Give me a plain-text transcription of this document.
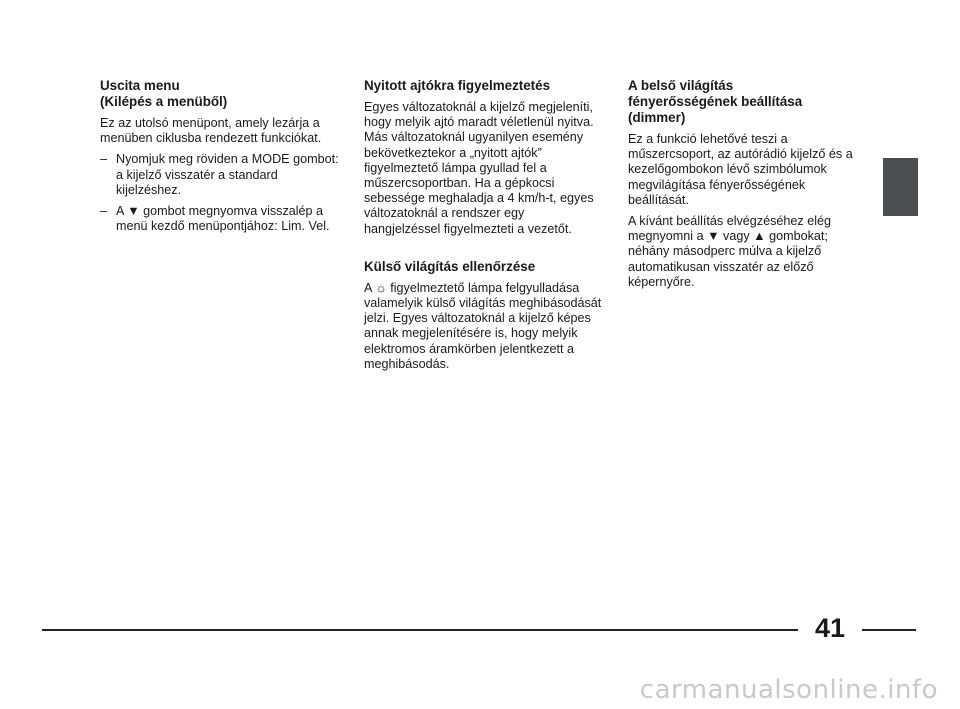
Uscita menu
(Kilépés a menüből)

Ez az utolsó menüpont, amely lezárja a menüben ciklusba rendezett funkciókat.

– Nyomjuk meg röviden a MODE gombot: a kijelző visszatér a standard kijelzéshez.
– A ▼ gombot megnyomva visszalép a menü kezdő menüpontjához: Lim. Vel.
Nyitott ajtókra figyelmeztetés

Egyes változatoknál a kijelző megjeleníti, hogy melyik ajtó maradt véletlenül nyitva.
Más változatoknál ugyanilyen esemény bekövetkeztekor a „nyitott ajtók” figyelmeztető lámpa gyullad fel a műszercsoportban. Ha a gépkocsi sebessége meghaladja a 4 km/h-t, egyes változatoknál a rendszer egy hangjelzéssel figyelmezteti a vezetőt.

Külső világítás ellenőrzése

A ☼ figyelmeztető lámpa felgyulladása valamelyik külső világítás meghibásodását jelzi. Egyes változatoknál a kijelző képes annak megjelenítésére is, hogy melyik elektromos áramkörben jelentkezett a meghibásodás.

A belső világítás
fényerősségének beállítása
(dimmer)

Ez a funkció lehetővé teszi a műszercsoport, az autórádió kijelző és a kezelőgombokon lévő szimbólumok megvilágítása fényerősségének beállítását.

A kívánt beállítás elvégzéséhez elég megnyomni a ▼ vagy ▲ gombokat; néhány másodperc múlva a kijelző automatikusan visszatér az előző képernyőre.

41
carmanualsonline.info
